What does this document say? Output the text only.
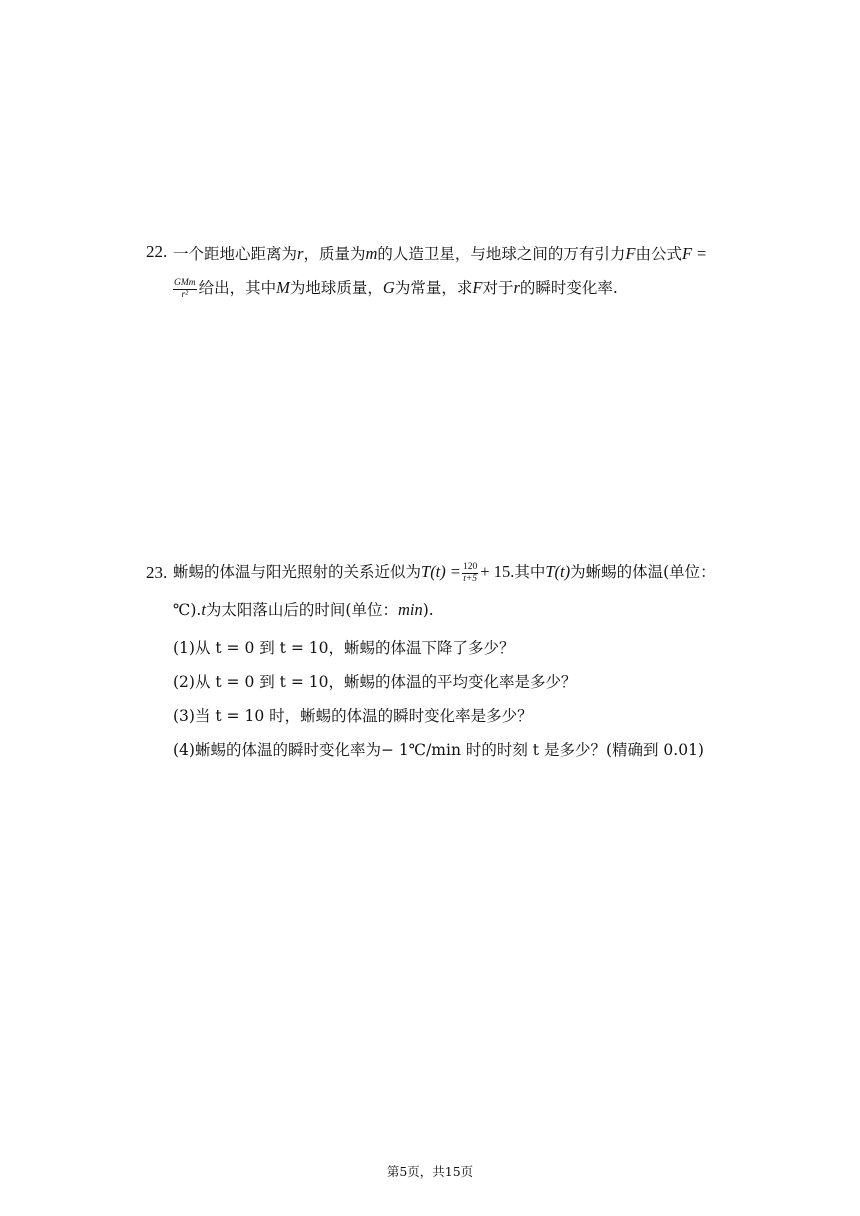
22. 一个距地心距离为r，质量为m的人造卫星，与地球之间的万有引力F由公式F =
$\frac{\text{GMm}}{\text{r²}}$ 给出，其中M为地球质量，G为常量，求F对于r的瞬时变化率.
23. 蜥蜴的体温与阳光照射的关系近似为$T(t) = \frac{120}{t+5} + 15$.其中T(t)为蜥蜴的体温(单位：
℃).t为太阳落山后的时间(单位：min).
(1)从 t = 0 到 t = 10，蜥蜴的体温下降了多少？
(2)从 t = 0 到 t = 10，蜥蜴的体温的平均变化率是多少？
(3)当 t = 10 时，蜥蜴的体温的瞬时变化率是多少？
(4)蜥蜴的体温的瞬时变化率为− 1℃/min 时的时刻 t 是多少？(精确到 0.01)
第5页，共15页
